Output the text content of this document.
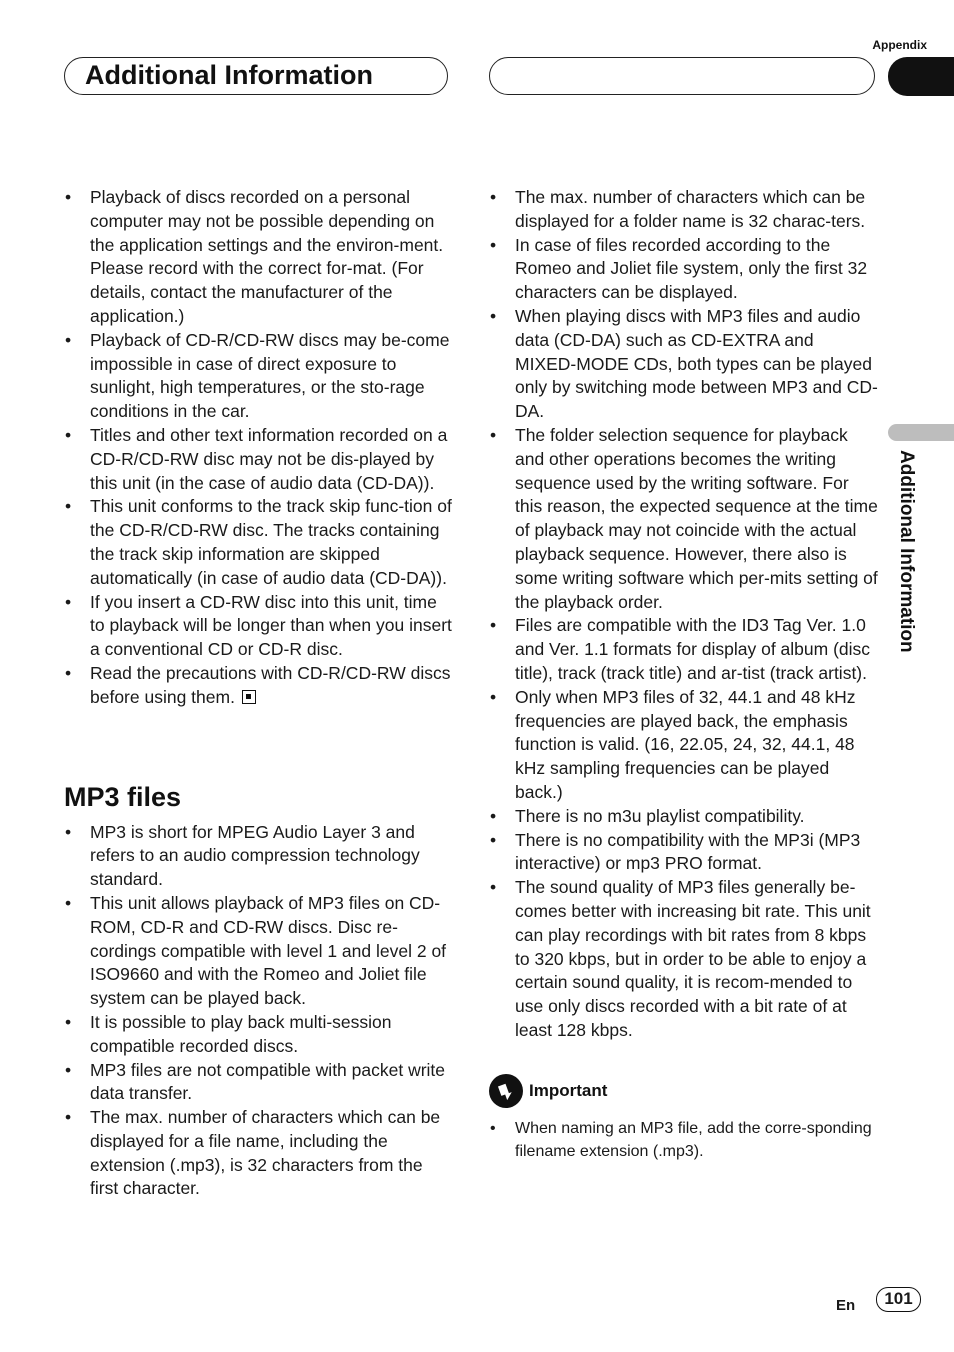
Appendix
Additional Information
Additional Information
• Playback of discs recorded on a personal computer may not be possible depending on the application settings and the environ-ment. Please record with the correct for-mat. (For details, contact the manufacturer of the application.)
• Playback of CD-R/CD-RW discs may be-come impossible in case of direct exposure to sunlight, high temperatures, or the sto-rage conditions in the car.
• Titles and other text information recorded on a CD-R/CD-RW disc may not be dis-played by this unit (in the case of audio data (CD-DA)).
• This unit conforms to the track skip func-tion of the CD-R/CD-RW disc. The tracks containing the track skip information are skipped automatically (in case of audio data (CD-DA)).
• If you insert a CD-RW disc into this unit, time to playback will be longer than when you insert a conventional CD or CD-R disc.
• Read the precautions with CD-R/CD-RW discs before using them.
MP3 files
• MP3 is short for MPEG Audio Layer 3 and refers to an audio compression technology standard.
• This unit allows playback of MP3 files on CD-ROM, CD-R and CD-RW discs. Disc re-cordings compatible with level 1 and level 2 of ISO9660 and with the Romeo and Joliet file system can be played back.
• It is possible to play back multi-session compatible recorded discs.
• MP3 files are not compatible with packet write data transfer.
• The max. number of characters which can be displayed for a file name, including the extension (.mp3), is 32 characters from the first character.
• The max. number of characters which can be displayed for a folder name is 32 charac-ters.
• In case of files recorded according to the Romeo and Joliet file system, only the first 32 characters can be displayed.
• When playing discs with MP3 files and audio data (CD-DA) such as CD-EXTRA and MIXED-MODE CDs, both types can be played only by switching mode between MP3 and CD-DA.
• The folder selection sequence for playback and other operations becomes the writing sequence used by the writing software. For this reason, the expected sequence at the time of playback may not coincide with the actual playback sequence. However, there also is some writing software which per-mits setting of the playback order.
• Files are compatible with the ID3 Tag Ver. 1.0 and Ver. 1.1 formats for display of album (disc title), track (track title) and ar-tist (track artist).
• Only when MP3 files of 32, 44.1 and 48 kHz frequencies are played back, the emphasis function is valid. (16, 22.05, 24, 32, 44.1, 48 kHz sampling frequencies can be played back.)
• There is no m3u playlist compatibility.
• There is no compatibility with the MP3i (MP3 interactive) or mp3 PRO format.
• The sound quality of MP3 files generally be-comes better with increasing bit rate. This unit can play recordings with bit rates from 8 kbps to 320 kbps, but in order to be able to enjoy a certain sound quality, it is recom-mended to use only discs recorded with a bit rate of at least 128 kbps.
Important
• When naming an MP3 file, add the corre-sponding filename extension (.mp3).
En	101
